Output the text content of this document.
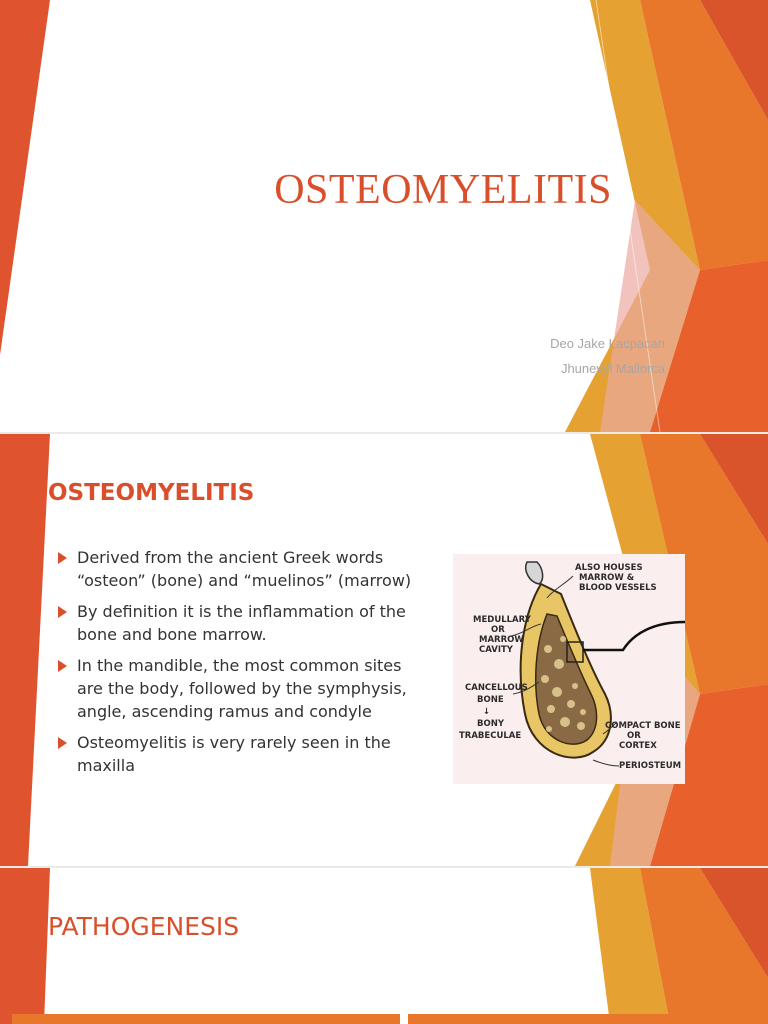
OSTEOMYELITIS
Deo Jake Lacpacan
Jhunevyl Mallorca
OSTEOMYELITIS
Derived from the ancient Greek words “osteon” (bone) and “muelinos” (marrow)
By definition it is the inflammation of the bone and bone marrow.
In the mandible, the most common sites are the body, followed by the symphysis, angle, ascending ramus and condyle
Osteomyelitis is very rarely seen in the maxilla
ALSO HOUSES
MARROW &
BLOOD VESSELS
MEDULLARY
OR
MARROW
CAVITY
CANCELLOUS
BONE
↓
BONY
TRABECULAE
COMPACT BONE
OR
CORTEX
PERIOSTEUM
PATHOGENESIS
